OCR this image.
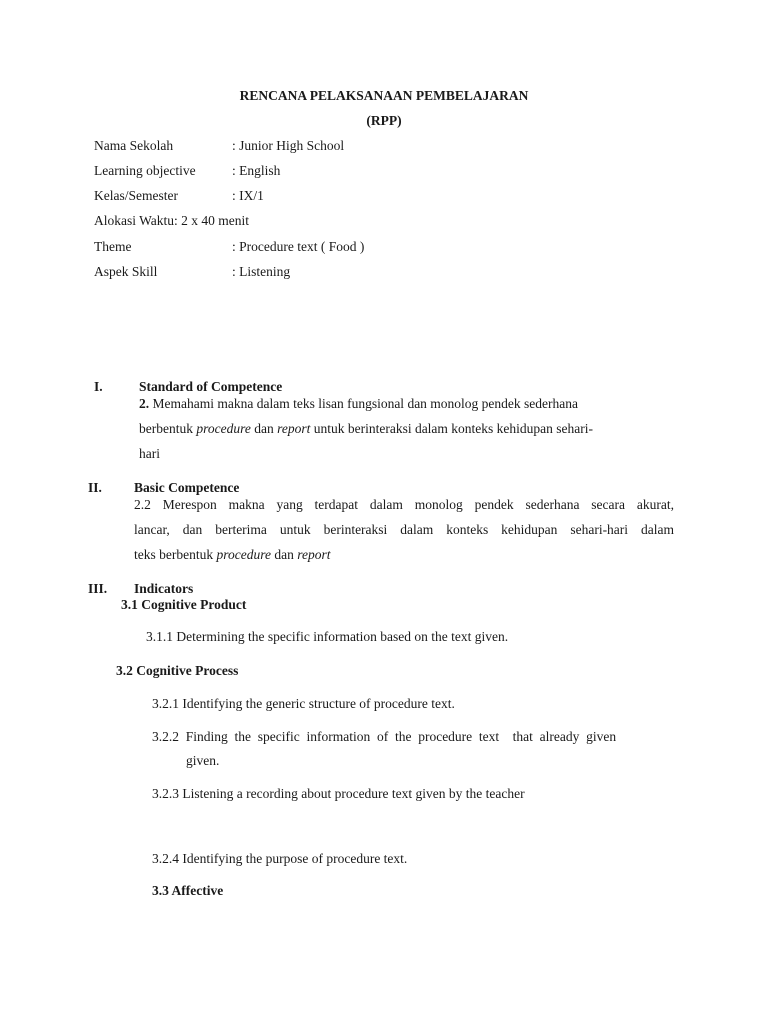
RENCANA PELAKSANAAN PEMBELAJARAN
(RPP)
Nama Sekolah	: Junior High School
Learning objective	: English
Kelas/Semester	: IX/1
Alokasi Waktu: 2 x 40 menit
Theme	: Procedure text ( Food )
Aspek Skill	: Listening
I.	Standard of Competence
2. Memahami makna dalam teks lisan fungsional dan monolog pendek sederhana
berbentuk procedure dan report untuk berinteraksi dalam konteks kehidupan sehari-
hari
II. Basic Competence
2.2 Merespon makna yang terdapat dalam monolog pendek sederhana secara akurat,
lancar, dan berterima untuk berinteraksi dalam konteks kehidupan sehari-hari dalam
teks berbentuk procedure dan report
III. Indicators
3.1 Cognitive Product
3.1.1 Determining the specific information based on the text given.
3.2 Cognitive Process
3.2.1 Identifying the generic structure of procedure text.
3.2.2  Finding  the  specific  information  of  the  procedure  text    that  already  given
given.
3.2.3 Listening a recording about procedure text given by the teacher
3.2.4 Identifying the purpose of procedure text.
3.3 Affective
